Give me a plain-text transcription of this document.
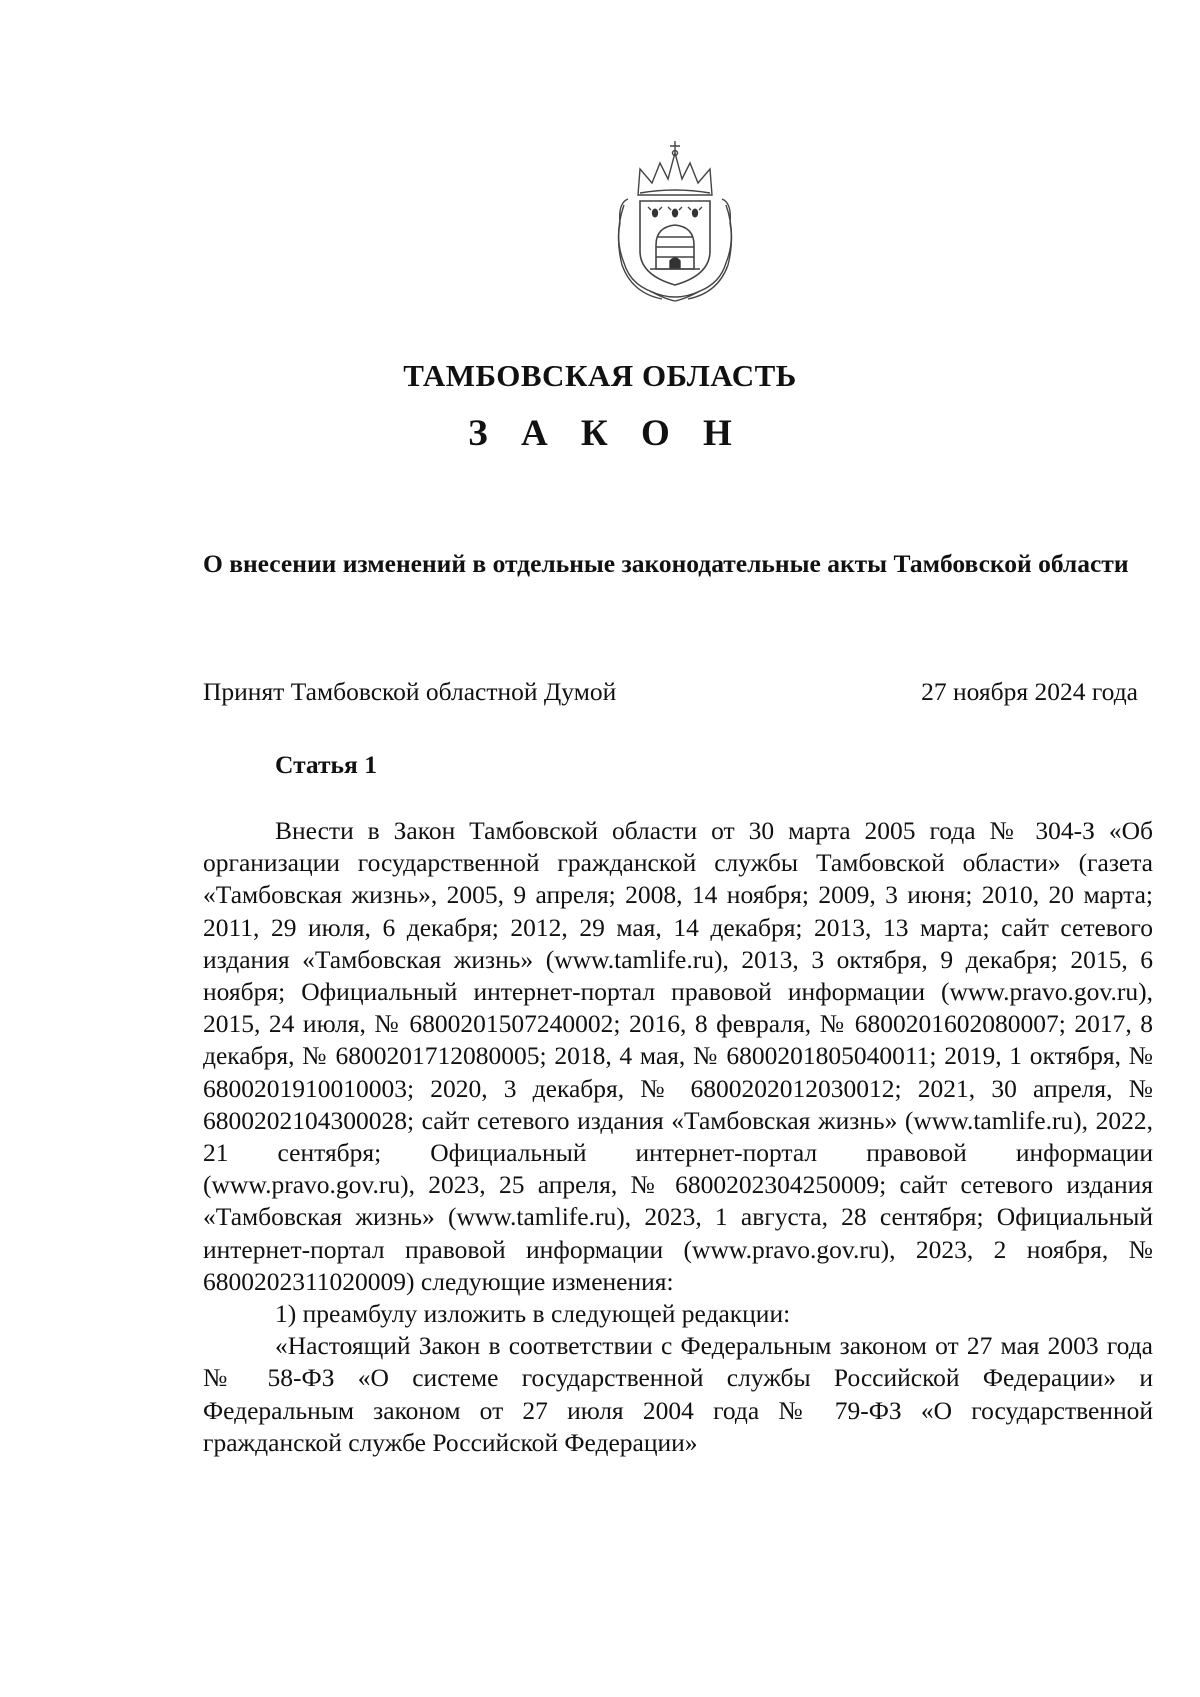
ТАМБОВСКАЯ ОБЛАСТЬ
З А К О Н
О внесении изменений в отдельные законодательные акты Тамбовской области
Принят Тамбовской областной Думой	27 ноября 2024 года
Статья 1

Внести в Закон Тамбовской области от 30 марта 2005 года № 304-З «Об организации государственной гражданской службы Тамбовской области» (газета «Тамбовская жизнь», 2005, 9 апреля; 2008, 14 ноября; 2009, 3 июня; 2010, 20 марта; 2011, 29 июля, 6 декабря; 2012, 29 мая, 14 декабря; 2013, 13 марта; сайт сетевого издания «Тамбовская жизнь» (www.tamlife.ru), 2013, 3 октября, 9 декабря; 2015, 6 ноября; Официальный интернет-портал правовой информации (www.pravo.gov.ru), 2015, 24 июля, № 6800201507240002; 2016, 8 февраля, № 6800201602080007; 2017, 8 декабря, № 6800201712080005; 2018, 4 мая, № 6800201805040011; 2019, 1 октября, № 6800201910010003; 2020, 3 декабря, № 6800202012030012; 2021, 30 апреля, № 6800202104300028; сайт сетевого издания «Тамбовская жизнь» (www.tamlife.ru), 2022, 21 сентября; Официальный интернет-портал правовой информации (www.pravo.gov.ru), 2023, 25 апреля, № 6800202304250009; сайт сетевого издания «Тамбовская жизнь» (www.tamlife.ru), 2023, 1 августа, 28 сентября; Официальный интернет-портал правовой информации (www.pravo.gov.ru), 2023, 2 ноября, № 6800202311020009) следующие изменения:

1) преамбулу изложить в следующей редакции:

«Настоящий Закон в соответствии с Федеральным законом от 27 мая 2003 года № 58-ФЗ «О системе государственной службы Российской Федерации» и Федеральным законом от 27 июля 2004 года № 79-ФЗ «О государственной гражданской службе Российской Федерации»
